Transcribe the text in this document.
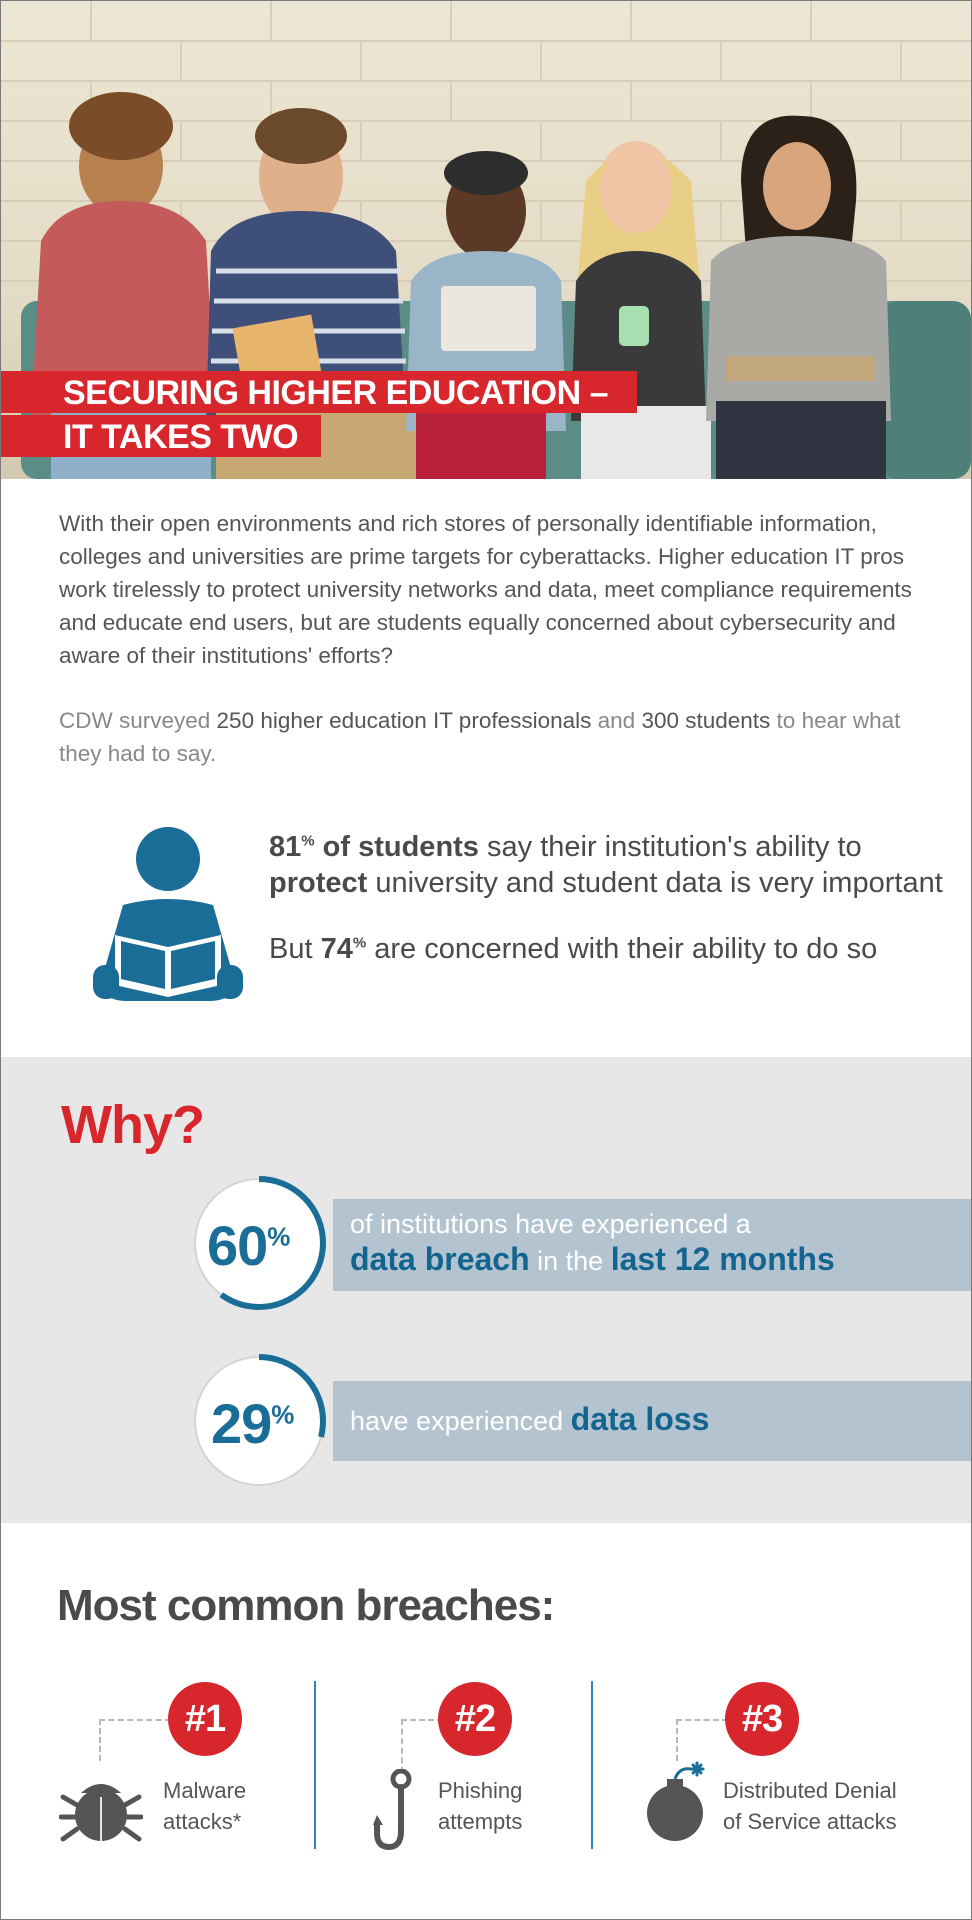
SECURING HIGHER EDUCATION –
IT TAKES TWO

With their open environments and rich stores of personally identifiable information, colleges and universities are prime targets for cyberattacks. Higher education IT pros work tirelessly to protect university networks and data, meet compliance requirements and educate end users, but are students equally concerned about cybersecurity and aware of their institutions' efforts?

CDW surveyed 250 higher education IT professionals and 300 students to hear what they had to say.

81% of students say their institution's ability to protect university and student data is very important

But 74% are concerned with their ability to do so

Why?
60% of institutions have experienced a
data breach in the last 12 months
29% have experienced data loss
Most common breaches:
#1
Malware
attacks*
#2
Phishing
attempts
#3
Distributed Denial
of Service attacks
